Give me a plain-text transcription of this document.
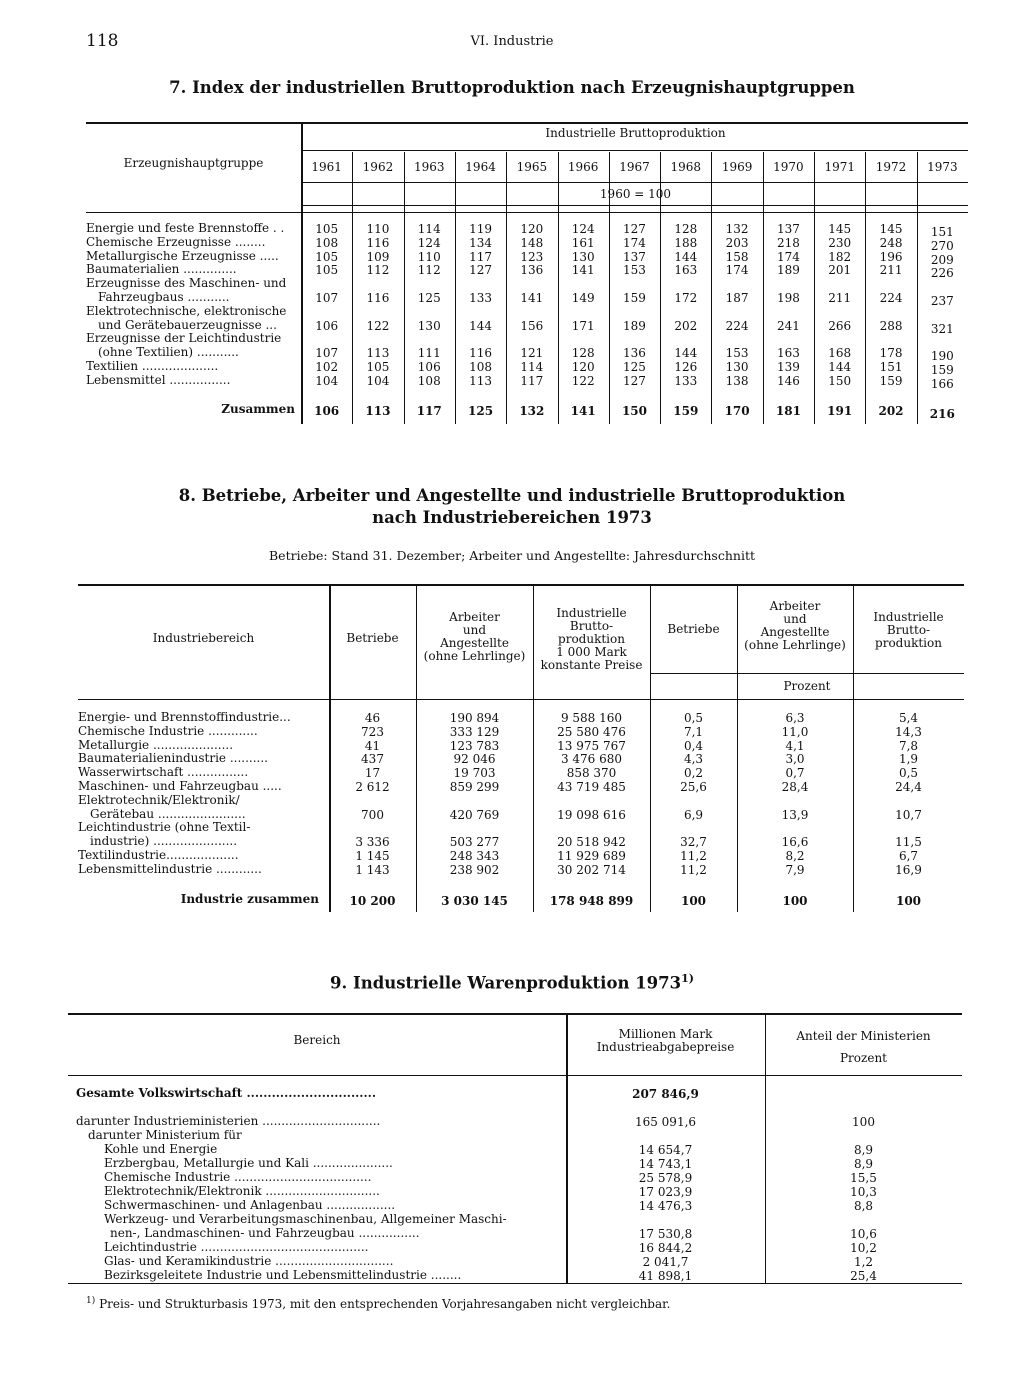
118	VI. Industrie
7. Index der industriellen Bruttoproduktion nach Erzeugnishauptgruppen
Industrielle Bruttoproduktion
Erzeugnishauptgruppe
1960 = 100
1961	1962	1963	1964	1965	1966	1967	1968	1969	1970	1971	1972	1973
Energie und feste Brennstoffe . .	105	110	114	119	120	124	127	128	132	137	145	145	151
Chemische Erzeugnisse ........	108	116	124	134	148	161	174	188	203	218	230	248	270
Metallurgische Erzeugnisse .....	105	109	110	117	123	130	137	144	158	174	182	196	209
Baumaterialien ..............	105	112	112	127	136	141	153	163	174	189	201	211	226
Erzeugnisse des Maschinen- und
Fahrzeugbaus ...........	107	116	125	133	141	149	159	172	187	198	211	224	237
Elektrotechnische, elektronische
und Gerätebauerzeugnisse ...	106	122	130	144	156	171	189	202	224	241	266	288	321
Erzeugnisse der Leichtindustrie
(ohne Textilien) ...........	107	113	111	116	121	128	136	144	153	163	168	178	190
Textilien ....................	102	105	106	108	114	120	125	126	130	139	144	151	159
Lebensmittel ................	104	104	108	113	117	122	127	133	138	146	150	159	166
Zusammen	106	113	117	125	132	141	150	159	170	181	191	202	216
8. Betriebe, Arbeiter und Angestellte und industrielle Bruttoproduktion
nach Industriebereichen 1973
Betriebe: Stand 31. Dezember; Arbeiter und Angestellte: Jahresdurchschnitt
Industriebereich	Betriebe
Arbeiter
und
Angestellte
(ohne Lehrlinge)
Industrielle
Brutto-
produktion
1 000 Mark
konstante Preise
Betriebe
Arbeiter
und
Angestellte
(ohne Lehrlinge)
Industrielle
Brutto-
produktion
Prozent
Energie- und Brennstoffindustrie...	46	190 894	9 588 160	0,5	6,3	5,4
Chemische Industrie .............	723	333 129	25 580 476	7,1	11,0	14,3
Metallurgie .....................	41	123 783	13 975 767	0,4	4,1	7,8
Baumaterialienindustrie ..........	437	92 046	3 476 680	4,3	3,0	1,9
Wasserwirtschaft ................	17	19 703	858 370	0,2	0,7	0,5
Maschinen- und Fahrzeugbau .....	2 612	859 299	43 719 485	25,6	28,4	24,4
Elektrotechnik/Elektronik/
Gerätebau .......................	700	420 769	19 098 616	6,9	13,9	10,7
Leichtindustrie (ohne Textil-
industrie) ......................	3 336	503 277	20 518 942	32,7	16,6	11,5
Textilindustrie...................	1 145	248 343	11 929 689	11,2	8,2	6,7
Lebensmittelindustrie ............	1 143	238 902	30 202 714	11,2	7,9	16,9
Industrie zusammen	10 200	3 030 145	178 948 899	100	100	100
9. Industrielle Warenproduktion 1973$^{1)}$
Bereich	Millionen Mark
Industrieabgabepreise
Anteil der Ministerien
Prozent
Gesamte Volkswirtschaft ...............................	207 846,9
darunter Industrieministerien ...............................	165 091,6	100
darunter Ministerium für
Kohle und Energie	14 654,7	8,9
Erzbergbau, Metallurgie und Kali .....................	14 743,1	8,9
Chemische Industrie ....................................	25 578,9	15,5
Elektrotechnik/Elektronik ..............................	17 023,9	10,3
Schwermaschinen- und Anlagenbau ..................	14 476,3	8,8
Werkzeug- und Verarbeitungsmaschinenbau, Allgemeiner Maschi-
nen-, Landmaschinen- und Fahrzeugbau ................	17 530,8	10,6
Leichtindustrie ............................................	16 844,2	10,2
Glas- und Keramikindustrie ...............................	2 041,7	1,2
Bezirksgeleitete Industrie und Lebensmittelindustrie ........	41 898,1	25,4
$^{1)}$ Preis- und Strukturbasis 1973, mit den entsprechenden Vorjahresangaben nicht vergleichbar.
